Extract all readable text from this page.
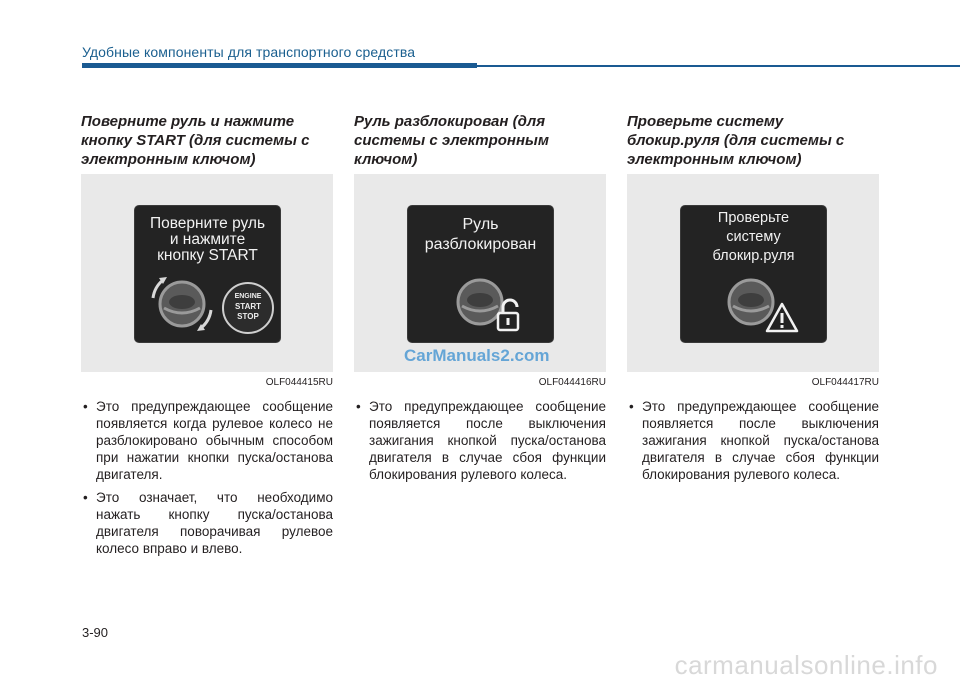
Удобные компоненты для транспортного средства
Поверните руль и нажмите кнопку START (для системы с электронным ключом)

Поверните руль

и нажмите

кнопку START

ENGINE
START
STOP
OLF044415RU
• Это предупреждающее сообщение появляется когда рулевое колесо не разблокировано обычным способом при нажатии кнопки пуска/останова двигателя.
• Это означает, что необходимо нажать кнопку пуска/останова двигателя поворачивая рулевое колесо вправо и влево.
Руль разблокирован (для системы с электронным ключом)

Руль

разблокирован

OLF044416RU
• Это предупреждающее сообщение появляется после выключения зажигания кнопкой пуска/останова двигателя в случае сбоя функции блокирования рулевого колеса.
Проверьте систему блокир.руля (для системы с электронным ключом)

Проверьте

систему

блокир.руля

OLF044417RU
• Это предупреждающее сообщение появляется после выключения зажигания кнопкой пуска/останова двигателя в случае сбоя функции блокирования рулевого колеса.
CarManuals2.com
3-90
carmanualsonline.info
